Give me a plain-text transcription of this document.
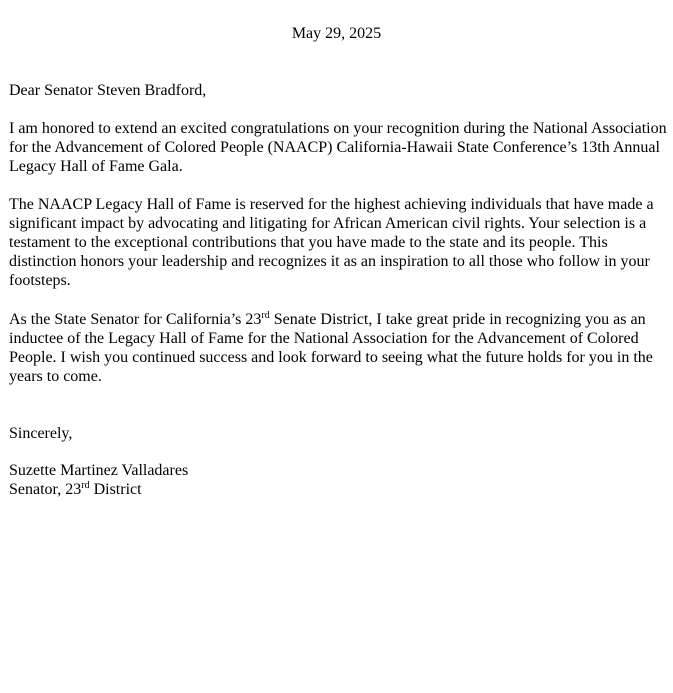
May 29, 2025

Dear Senator Steven Bradford,

I am honored to extend an excited congratulations on your recognition during the National Association for the Advancement of Colored People (NAACP) California-Hawaii State Conference’s 13th Annual Legacy Hall of Fame Gala.

The NAACP Legacy Hall of Fame is reserved for the highest achieving individuals that have made a significant impact by advocating and litigating for African American civil rights. Your selection is a testament to the exceptional contributions that you have made to the state and its people. This distinction honors your leadership and recognizes it as an inspiration to all those who follow in your footsteps.

As the State Senator for California’s 23rd Senate District, I take great pride in recognizing you as an inductee of the Legacy Hall of Fame for the National Association for the Advancement of Colored People. I wish you continued success and look forward to seeing what the future holds for you in the years to come.

Sincerely,

Suzette Martinez Valladares

Senator, 23rd District
